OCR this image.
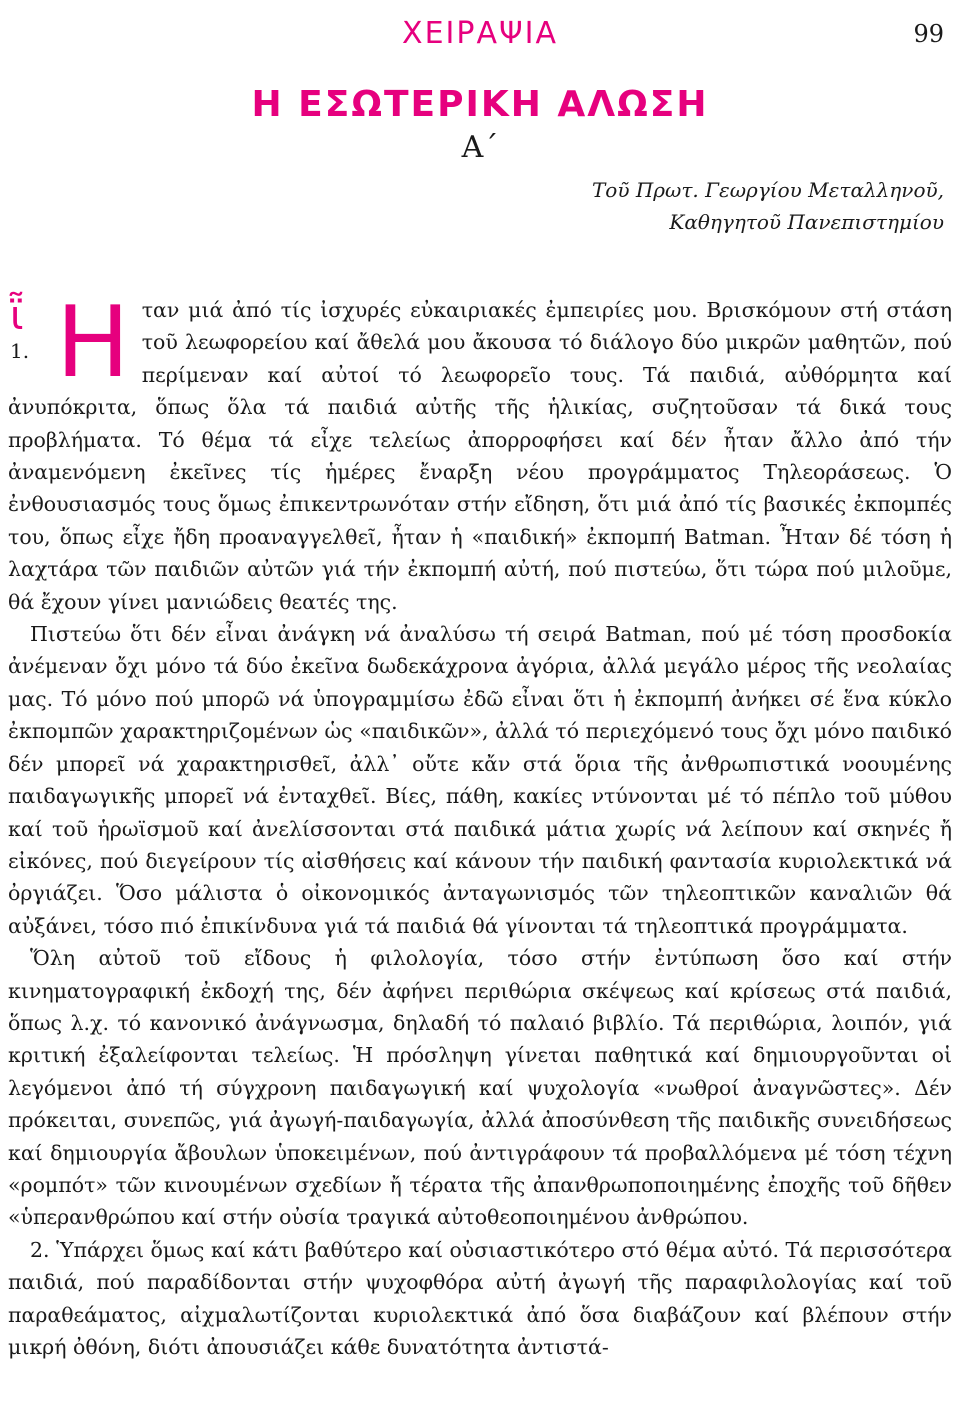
ΧΕΙΡΑΨΙΑ	99
Η ΕΣΩΤΕΡΙΚΗ ΑΛΩΣΗ
Α΄
Τοῦ Πρωτ. Γεωργίου Μεταλληνοῦ,
Καθηγητοῦ Πανεπιστημίου

ῗ
1. Η ταν μιά ἀπό τίς ἰσχυρές εὐκαιριακές ἐμπειρίες μου. Βρισκόμουν στή στάση τοῦ λεωφορείου καί ἄθελά μου ἄκουσα τό διάλογο δύο μικρῶν μαθητῶν, πού περίμεναν καί αὐτοί τό λεωφορεῖο τους. Τά παιδιά, αὐθόρμητα καί ἀνυπόκριτα, ὅπως ὅλα τά παιδιά αὐτῆς τῆς ἡλικίας, συζητοῦσαν τά δικά τους προβλήματα. Τό θέμα τά εἶχε τελείως ἀπορροφήσει καί δέν ἦταν ἄλλο ἀπό τήν ἀναμενόμενη ἐκεῖνες τίς ἡμέρες ἔναρξη νέου προγράμματος Τηλεοράσεως. Ὁ ἐνθουσιασμός τους ὅμως ἐπικεντρωνόταν στήν εἴδηση, ὅτι μιά ἀπό τίς βασικές ἐκπομπές του, ὅπως εἶχε ἤδη προαναγγελθεῖ, ἦταν ἡ «παιδική» ἐκπομπή Batman. Ἦταν δέ τόση ἡ λαχτάρα τῶν παιδιῶν αὐτῶν γιά τήν ἐκπομπή αὐτή, πού πιστεύω, ὅτι τώρα πού μιλοῦμε, θά ἔχουν γίνει μανιώδεις θεατές της.

Πιστεύω ὅτι δέν εἶναι ἀνάγκη νά ἀναλύσω τή σειρά Batman, πού μέ τόση προσδοκία ἀνέμεναν ὄχι μόνο τά δύο ἐκεῖνα δωδεκάχρονα ἀγόρια, ἀλλά μεγάλο μέρος τῆς νεολαίας μας. Τό μόνο πού μπορῶ νά ὑπογραμμίσω ἐδῶ εἶναι ὅτι ἡ ἐκπομπή ἀνήκει σέ ἕνα κύκλο ἐκπομπῶν χαρακτηριζομένων ὡς «παιδικῶν», ἀλλά τό περιεχόμενό τους ὄχι μόνο παιδικό δέν μπορεῖ νά χαρακτηρισθεῖ, ἀλλ᾽ οὔτε κἄν στά ὅρια τῆς ἀνθρωπιστικά νοουμένης παιδαγωγικῆς μπορεῖ νά ἐνταχθεῖ. Βίες, πάθη, κακίες ντύνονται μέ τό πέπλο τοῦ μύθου καί τοῦ ἡρωϊσμοῦ καί ἀνελίσσονται στά παιδικά μάτια χωρίς νά λείπουν καί σκηνές ἤ εἰκόνες, πού διεγείρουν τίς αἰσθήσεις καί κάνουν τήν παιδική φαντασία κυριολεκτικά νά ὀργιάζει. Ὅσο μάλιστα ὁ οἰκονομικός ἀνταγωνισμός τῶν τηλεοπτικῶν καναλιῶν θά αὐξάνει, τόσο πιό ἐπικίνδυνα γιά τά παιδιά θά γίνονται τά τηλεοπτικά προγράμματα.

Ὅλη αὐτοῦ τοῦ εἴδους ἡ φιλολογία, τόσο στήν ἐντύπωση ὅσο καί στήν κινηματογραφική ἐκδοχή της, δέν ἀφήνει περιθώρια σκέψεως καί κρίσεως στά παιδιά, ὅπως λ.χ. τό κανονικό ἀνάγνωσμα, δηλαδή τό παλαιό βιβλίο. Τά περιθώρια, λοιπόν, γιά κριτική ἐξαλείφονται τελείως. Ἡ πρόσληψη γίνεται παθητικά καί δημιουργοῦνται οἱ λεγόμενοι ἀπό τή σύγχρονη παιδαγωγική καί ψυχολογία «νωθροί ἀναγνῶστες». Δέν πρόκειται, συνεπῶς, γιά ἀγωγή-παιδαγωγία, ἀλλά ἀποσύνθεση τῆς παιδικῆς συνειδήσεως καί δημιουργία ἄβουλων ὑποκειμένων, πού ἀντιγράφουν τά προβαλλόμενα μέ τόση τέχνη «ρομπότ» τῶν κινουμένων σχεδίων ἤ τέρατα τῆς ἀπανθρωποποιημένης ἐποχῆς τοῦ δῆθεν «ὑπερανθρώπου καί στήν οὐσία τραγικά αὐτοθεοποιημένου ἀνθρώπου.

2. Ὑπάρχει ὅμως καί κάτι βαθύτερο καί οὐσιαστικότερο στό θέμα αὐτό. Τά περισσότερα παιδιά, πού παραδίδονται στήν ψυχοφθόρα αὐτή ἀγωγή τῆς παραφιλολογίας καί τοῦ παραθεάματος, αἰχμαλωτίζονται κυριολεκτικά ἀπό ὅσα διαβάζουν καί βλέπουν στήν μικρή ὀθόνη, διότι ἀπουσιάζει κάθε δυνατότητα ἀντιστά-
